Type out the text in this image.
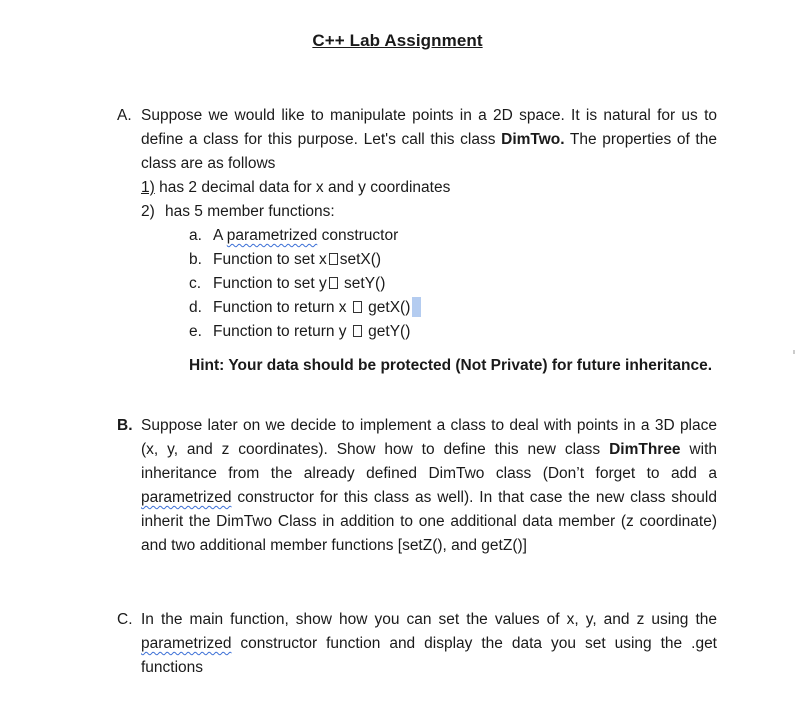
C++ Lab Assignment
A. Suppose we would like to manipulate points in a 2D space. It is natural for us to define a class for this purpose. Let's call this class DimTwo. The properties of the class are as follows
1) has 2 decimal data for x and y coordinates
2) has 5 member functions:
a. A parametrized constructor
b. Function to set x setX()
c. Function to set y setY()
d. Function to return x  getX()
e. Function to return y  getY()
Hint: Your data should be protected (Not Private) for future inheritance.
B. Suppose later on we decide to implement a class to deal with points in a 3D place (x, y, and z coordinates). Show how to define this new class DimThree with inheritance from the already defined DimTwo class (Don’t forget to add a parametrized constructor for this class as well). In that case the new class should inherit the DimTwo Class in addition to one additional data member (z coordinate) and two additional member functions [setZ(), and getZ()]
C. In the main function, show how you can set the values of x, y, and z using the parametrized constructor function and display the data you set using the .get functions
